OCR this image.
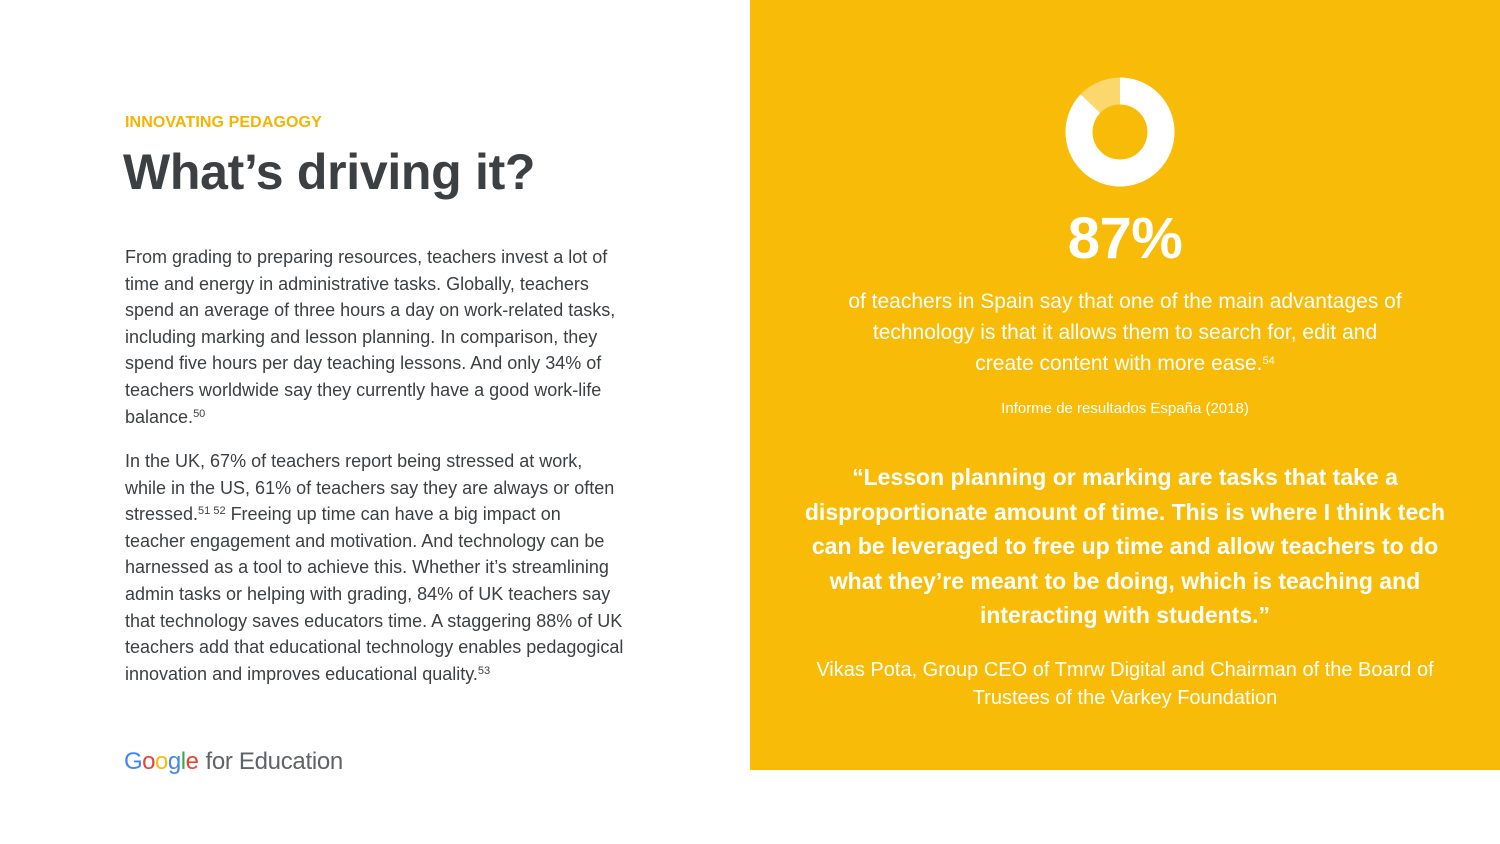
INNOVATING PEDAGOGY
What’s driving it?
From grading to preparing resources, teachers invest a lot of time and energy in administrative tasks. Globally, teachers spend an average of three hours a day on work-related tasks, including marking and lesson planning. In comparison, they spend five hours per day teaching lessons. And only 34% of teachers worldwide say they currently have a good work-life balance.$^{50}$
In the UK, 67% of teachers report being stressed at work, while in the US, 61% of teachers say they are always or often stressed.$^{51 52}$ Freeing up time can have a big impact on teacher engagement and motivation. And technology can be harnessed as a tool to achieve this. Whether it’s streamlining admin tasks or helping with grading, 84% of UK teachers say that technology saves educators time. A staggering 88% of UK teachers add that educational technology enables pedagogical innovation and improves educational quality.$^{53}$
G o o g l e for Education
87%
of teachers in Spain say that one of the main advantages of technology is that it allows them to search for, edit and create content with more ease.$^{54}$
Informe de resultados España (2018)
“Lesson planning or marking are tasks that take a disproportionate amount of time. This is where I think tech can be leveraged to free up time and allow teachers to do what they’re meant to be doing, which is teaching and interacting with students.”
Vikas Pota, Group CEO of Tmrw Digital and Chairman of the Board of Trustees of the Varkey Foundation
